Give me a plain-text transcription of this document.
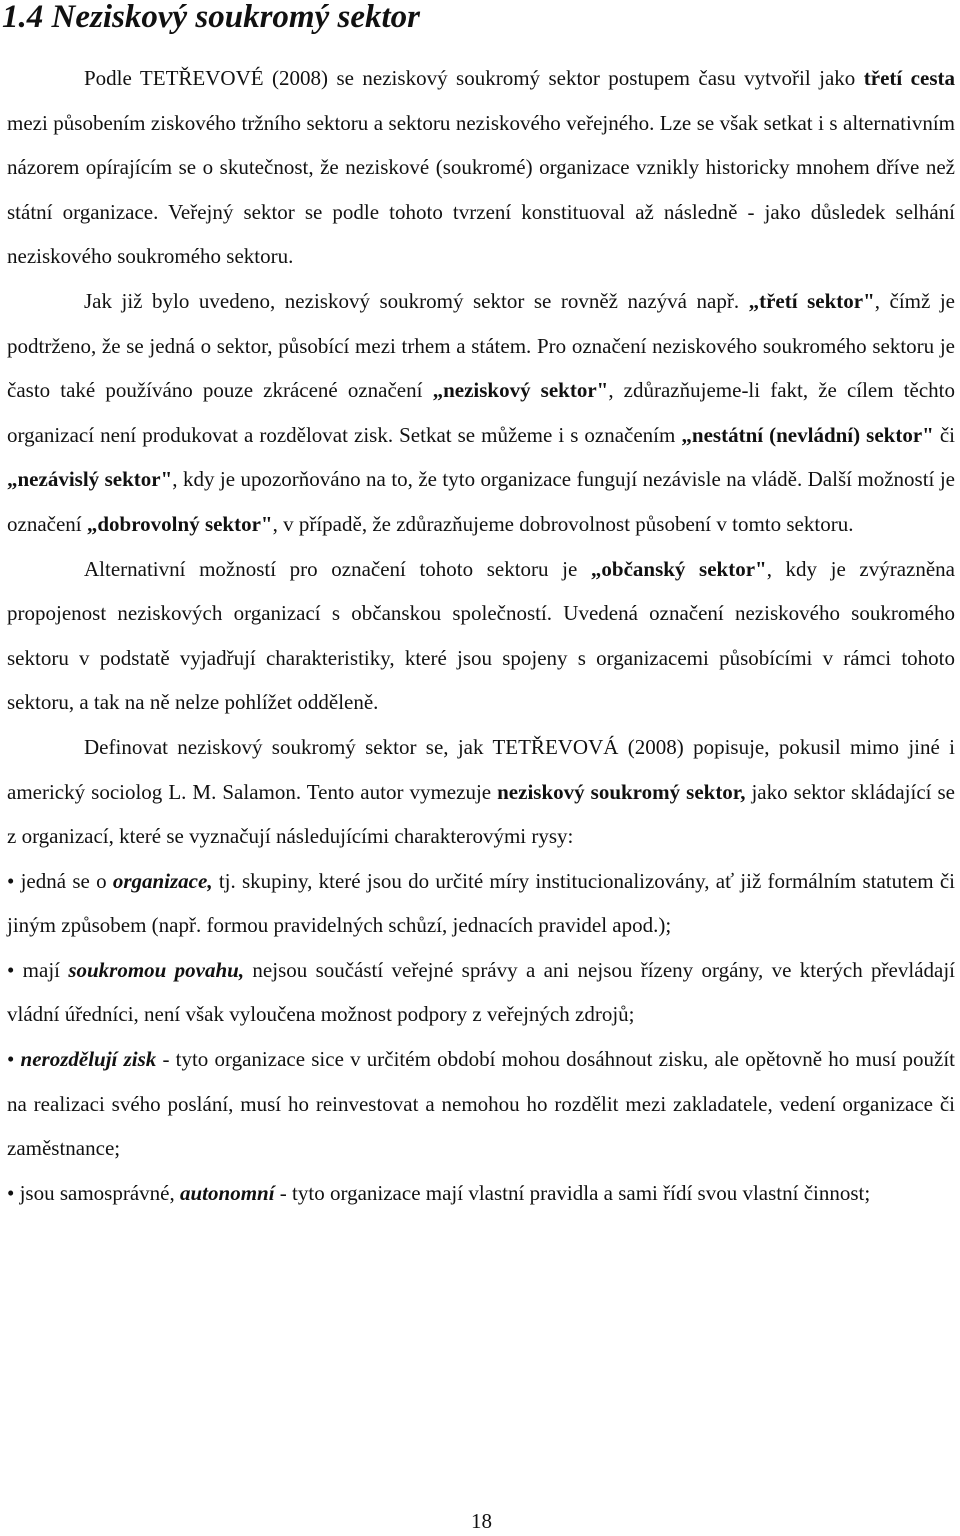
1.4 Neziskový soukromý sektor

Podle TETŘEVOVÉ (2008) se neziskový soukromý sektor postupem času vytvořil jako třetí cesta mezi působením ziskového tržního sektoru a sektoru neziskového veřejného. Lze se však setkat i s alternativním názorem opírajícím se o skutečnost, že neziskové (soukromé) organizace vznikly historicky mnohem dříve než státní organizace. Veřejný sektor se podle tohoto tvrzení konstituoval až následně - jako důsledek selhání neziskového soukromého sektoru.

Jak již bylo uvedeno, neziskový soukromý sektor se rovněž nazývá např. „třetí sektor", čímž je podtrženo, že se jedná o sektor, působící mezi trhem a státem. Pro označení neziskového soukromého sektoru je často také používáno pouze zkrácené označení „neziskový sektor", zdůrazňujeme-li fakt, že cílem těchto organizací není produkovat a rozdělovat zisk. Setkat se můžeme i s označením „nestátní (nevládní) sektor" či „nezávislý sektor", kdy je upozorňováno na to, že tyto organizace fungují nezávisle na vládě. Další možností je označení „dobrovolný sektor", v případě, že zdůrazňujeme dobrovolnost působení v tomto sektoru.

Alternativní možností pro označení tohoto sektoru je „občanský sektor", kdy je zvýrazněna propojenost neziskových organizací s občanskou společností. Uvedená označení neziskového soukromého sektoru v podstatě vyjadřují charakteristiky, které jsou spojeny s organizacemi působícími v rámci tohoto sektoru, a tak na ně nelze pohlížet odděleně.

Definovat neziskový soukromý sektor se, jak TETŘEVOVÁ (2008) popisuje, pokusil mimo jiné i americký sociolog L. M. Salamon. Tento autor vymezuje neziskový soukromý sektor, jako sektor skládající se z organizací, které se vyznačují následujícími charakterovými rysy:

• jedná se o organizace, tj. skupiny, které jsou do určité míry institucionalizovány, ať již formálním statutem či jiným způsobem (např. formou pravidelných schůzí, jednacích pravidel apod.);

• mají soukromou povahu, nejsou součástí veřejné správy a ani nejsou řízeny orgány, ve kterých převládají vládní úředníci, není však vyloučena možnost podpory z veřejných zdrojů;

• nerozdělují zisk - tyto organizace sice v určitém období mohou dosáhnout zisku, ale opětovně ho musí použít na realizaci svého poslání, musí ho reinvestovat a nemohou ho rozdělit mezi zakladatele, vedení organizace či zaměstnance;

• jsou samosprávné, autonomní - tyto organizace mají vlastní pravidla a sami řídí svou vlastní činnost;

18
